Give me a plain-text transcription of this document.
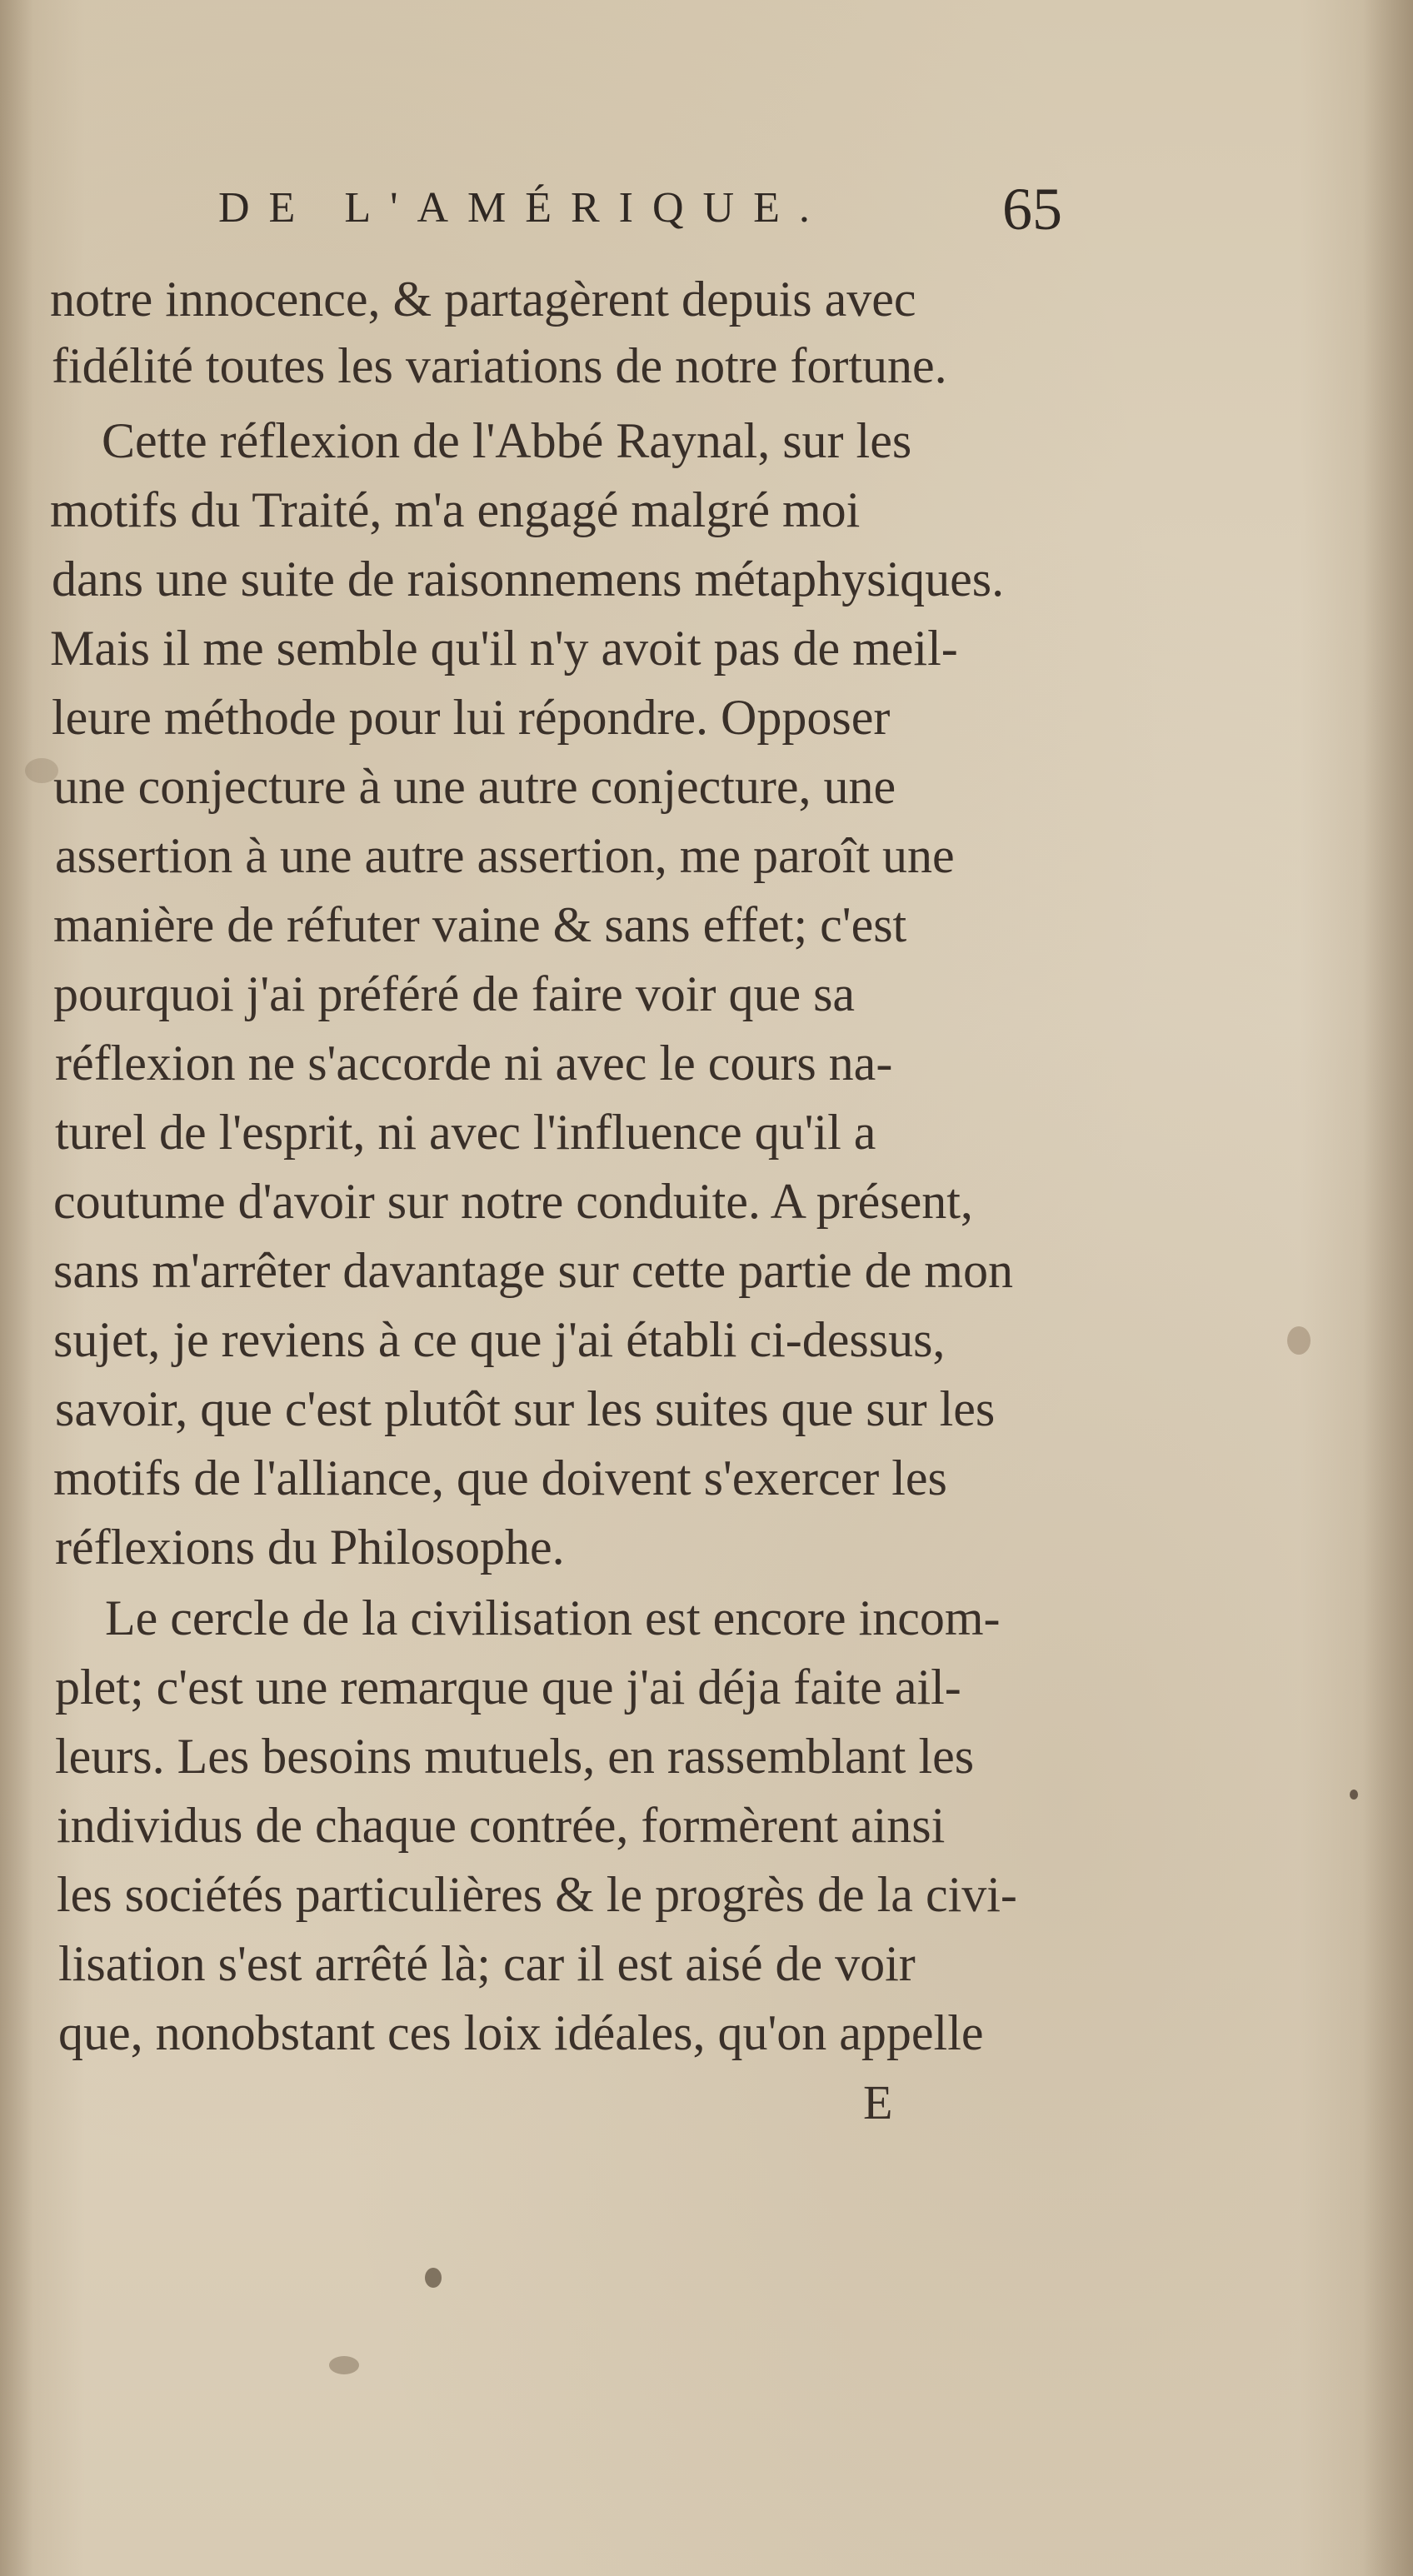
DE L'AMÉRIQUE.	65
notre innocence, & partagèrent depuis avec
fidélité toutes les variations de notre fortune.
Cette réflexion de l'Abbé Raynal, sur les
motifs du Traité, m'a engagé malgré moi
dans une suite de raisonnemens métaphysiques.
Mais il me semble qu'il n'y avoit pas de meil-
leure méthode pour lui répondre. Opposer
une conjecture à une autre conjecture, une
assertion à une autre assertion, me paroît une
manière de réfuter vaine & sans effet; c'est
pourquoi j'ai préféré de faire voir que sa
réflexion ne s'accorde ni avec le cours na-
turel de l'esprit, ni avec l'influence qu'il a
coutume d'avoir sur notre conduite. A présent,
sans m'arrêter davantage sur cette partie de mon
sujet, je reviens à ce que j'ai établi ci-dessus,
savoir, que c'est plutôt sur les suites que sur les
motifs de l'alliance, que doivent s'exercer les
réflexions du Philosophe.
Le cercle de la civilisation est encore incom-
plet; c'est une remarque que j'ai déja faite ail-
leurs. Les besoins mutuels, en rassemblant les
individus de chaque contrée, formèrent ainsi
les sociétés particulières & le progrès de la civi-
lisation s'est arrêté là; car il est aisé de voir
que, nonobstant ces loix idéales, qu'on appelle
E
